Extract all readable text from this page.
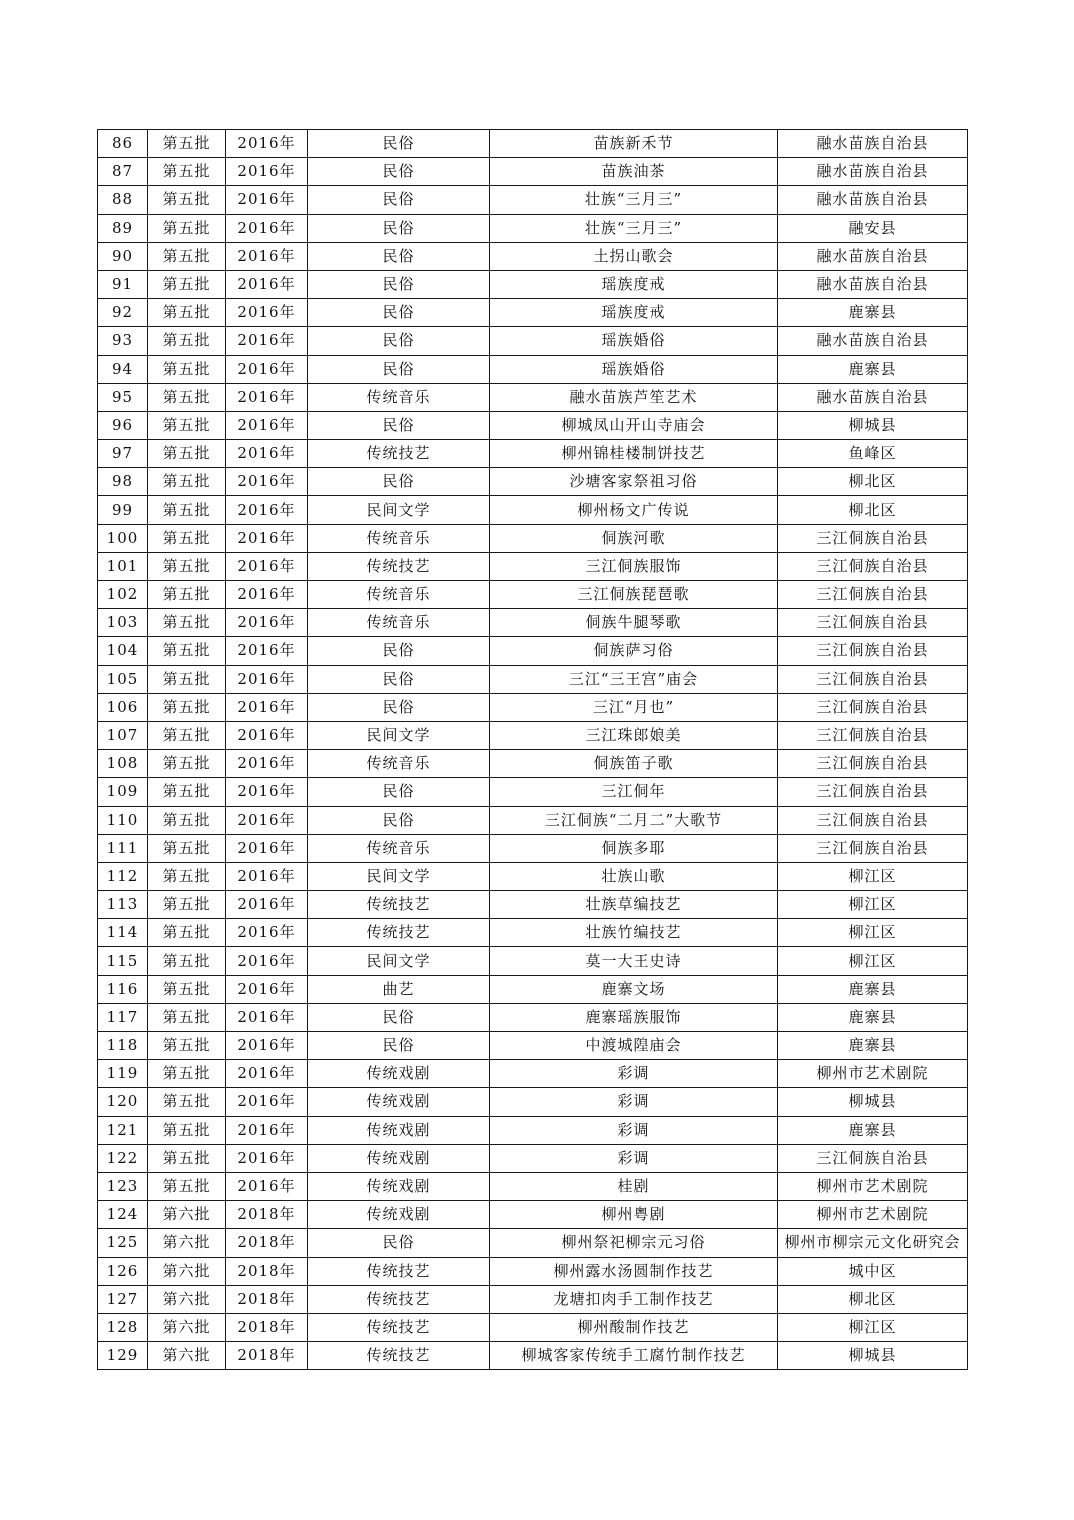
86	第五批	2016年	民俗	苗族新禾节	融水苗族自治县
87	第五批	2016年	民俗	苗族油茶	融水苗族自治县
88	第五批	2016年	民俗	壮族“三月三”	融水苗族自治县
89	第五批	2016年	民俗	壮族“三月三”	融安县
90	第五批	2016年	民俗	土拐山歌会	融水苗族自治县
91	第五批	2016年	民俗	瑶族度戒	融水苗族自治县
92	第五批	2016年	民俗	瑶族度戒	鹿寨县
93	第五批	2016年	民俗	瑶族婚俗	融水苗族自治县
94	第五批	2016年	民俗	瑶族婚俗	鹿寨县
95	第五批	2016年	传统音乐	融水苗族芦笙艺术	融水苗族自治县
96	第五批	2016年	民俗	柳城凤山开山寺庙会	柳城县
97	第五批	2016年	传统技艺	柳州锦桂楼制饼技艺	鱼峰区
98	第五批	2016年	民俗	沙塘客家祭祖习俗	柳北区
99	第五批	2016年	民间文学	柳州杨文广传说	柳北区
100	第五批	2016年	传统音乐	侗族河歌	三江侗族自治县
101	第五批	2016年	传统技艺	三江侗族服饰	三江侗族自治县
102	第五批	2016年	传统音乐	三江侗族琵琶歌	三江侗族自治县
103	第五批	2016年	传统音乐	侗族牛腿琴歌	三江侗族自治县
104	第五批	2016年	民俗	侗族萨习俗	三江侗族自治县
105	第五批	2016年	民俗	三江“三王宫”庙会	三江侗族自治县
106	第五批	2016年	民俗	三江“月也”	三江侗族自治县
107	第五批	2016年	民间文学	三江珠郎娘美	三江侗族自治县
108	第五批	2016年	传统音乐	侗族笛子歌	三江侗族自治县
109	第五批	2016年	民俗	三江侗年	三江侗族自治县
110	第五批	2016年	民俗	三江侗族“二月二”大歌节	三江侗族自治县
111	第五批	2016年	传统音乐	侗族多耶	三江侗族自治县
112	第五批	2016年	民间文学	壮族山歌	柳江区
113	第五批	2016年	传统技艺	壮族草编技艺	柳江区
114	第五批	2016年	传统技艺	壮族竹编技艺	柳江区
115	第五批	2016年	民间文学	莫一大王史诗	柳江区
116	第五批	2016年	曲艺	鹿寨文场	鹿寨县
117	第五批	2016年	民俗	鹿寨瑶族服饰	鹿寨县
118	第五批	2016年	民俗	中渡城隍庙会	鹿寨县
119	第五批	2016年	传统戏剧	彩调	柳州市艺术剧院
120	第五批	2016年	传统戏剧	彩调	柳城县
121	第五批	2016年	传统戏剧	彩调	鹿寨县
122	第五批	2016年	传统戏剧	彩调	三江侗族自治县
123	第五批	2016年	传统戏剧	桂剧	柳州市艺术剧院
124	第六批	2018年	传统戏剧	柳州粤剧	柳州市艺术剧院
125	第六批	2018年	民俗	柳州祭祀柳宗元习俗	柳州市柳宗元文化研究会
126	第六批	2018年	传统技艺	柳州露水汤圆制作技艺	城中区
127	第六批	2018年	传统技艺	龙塘扣肉手工制作技艺	柳北区
128	第六批	2018年	传统技艺	柳州酸制作技艺	柳江区
129	第六批	2018年	传统技艺	柳城客家传统手工腐竹制作技艺	柳城县
